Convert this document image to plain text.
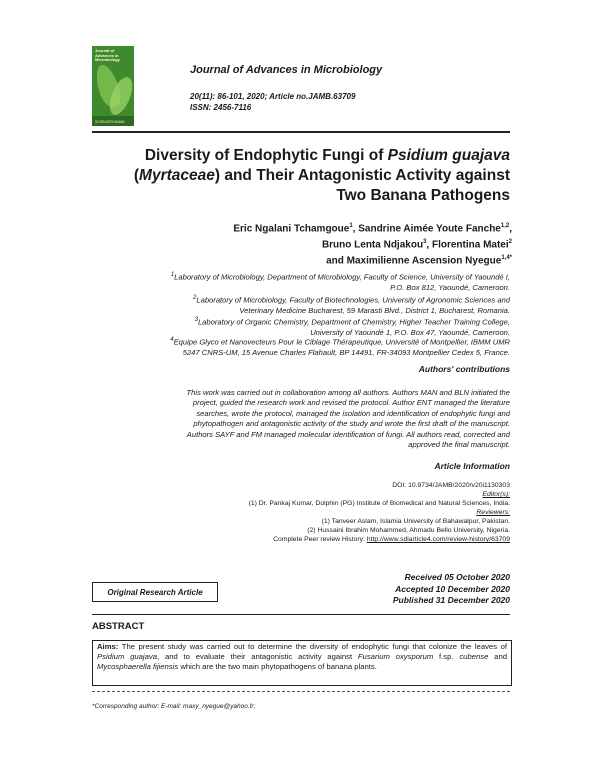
Journal of
Advances in
Microbiology
SCIENCEDOMAIN
Journal of Advances in Microbiology
20(11): 86-101, 2020; Article no.JAMB.63709
ISSN: 2456-7116
Diversity of Endophytic Fungi of Psidium guajava
(Myrtaceae) and Their Antagonistic Activity against
Two Banana Pathogens
Eric Ngalani Tchamgoue$^1$, Sandrine Aimée Youte Fanche$^{1,2}$,
Bruno Lenta Ndjakou$^3$, Florentina Matei$^2$
and Maximilienne Ascension Nyegue$^{1,4*}$
$^1$Laboratory of Microbiology, Department of Microbiology, Faculty of Science, University of Yaoundé I,
P.O. Box 812, Yaoundé, Cameroon.
$^2$Laboratory of Microbiology, Faculty of Biotechnologies, University of Agronomic Sciences and
Veterinary Medicine Bucharest, 59 Marasti Blvd., District 1, Bucharest, Romania.
$^3$Laboratory of Organic Chemistry, Department of Chemistry, Higher Teacher Training College,
University of Yaoundé 1, P.O. Box 47, Yaoundé, Cameroon.
$^4$Equipe Glyco et Nanovecteurs Pour le Ciblage Thérapeutique, Université of Montpellier, IBMM UMR
5247 CNRS-UM, 15 Avenue Charles Flahault, BP 14491, FR-34093 Montpellier Cedex 5, France.
Authors' contributions
This work was carried out in collaboration among all authors. Authors MAN and BLN initiated the
project, guided the research work and revised the protocol. Author ENT managed the literature
searches, wrote the protocol, managed the isolation and identification of endophytic fungi and
phytopathogen and antagonistic activity of the study and wrote the first draft of the manuscript.
Authors SAYF and FM managed molecular identification of fungi. All authors read, corrected and
approved the final manuscript.
Article Information
DOI: 10.9734/JAMB/2020/v20i1130303
Editor(s):
(1) Dr. Pankaj Kumar, Dolphin (PG) Institute of Biomedical and Natural Sciences, India.
Reviewers:
(1) Tanveer Aslam, Islamia University of Bahawalpur, Pakistan.
(2) Hussaini Ibrahim Mohammed, Ahmadu Bello University, Nigeria.
Complete Peer review History: http://www.sdiarticle4.com/review-history/63709
Original Research Article
Received 05 October 2020
Accepted 10 December 2020
Published 31 December 2020
ABSTRACT
Aims: The present study was carried out to determine the diversity of endophytic fungi that colonize the leaves of Psidium guajava, and to evaluate their antagonistic activity against Fusarium oxysporum f.sp. cubense and Mycosphaerella fijiensis which are the two main phytopathogens of banana plants.
*Corresponding author: E-mail: maxy_nyegue@yahoo.fr;
